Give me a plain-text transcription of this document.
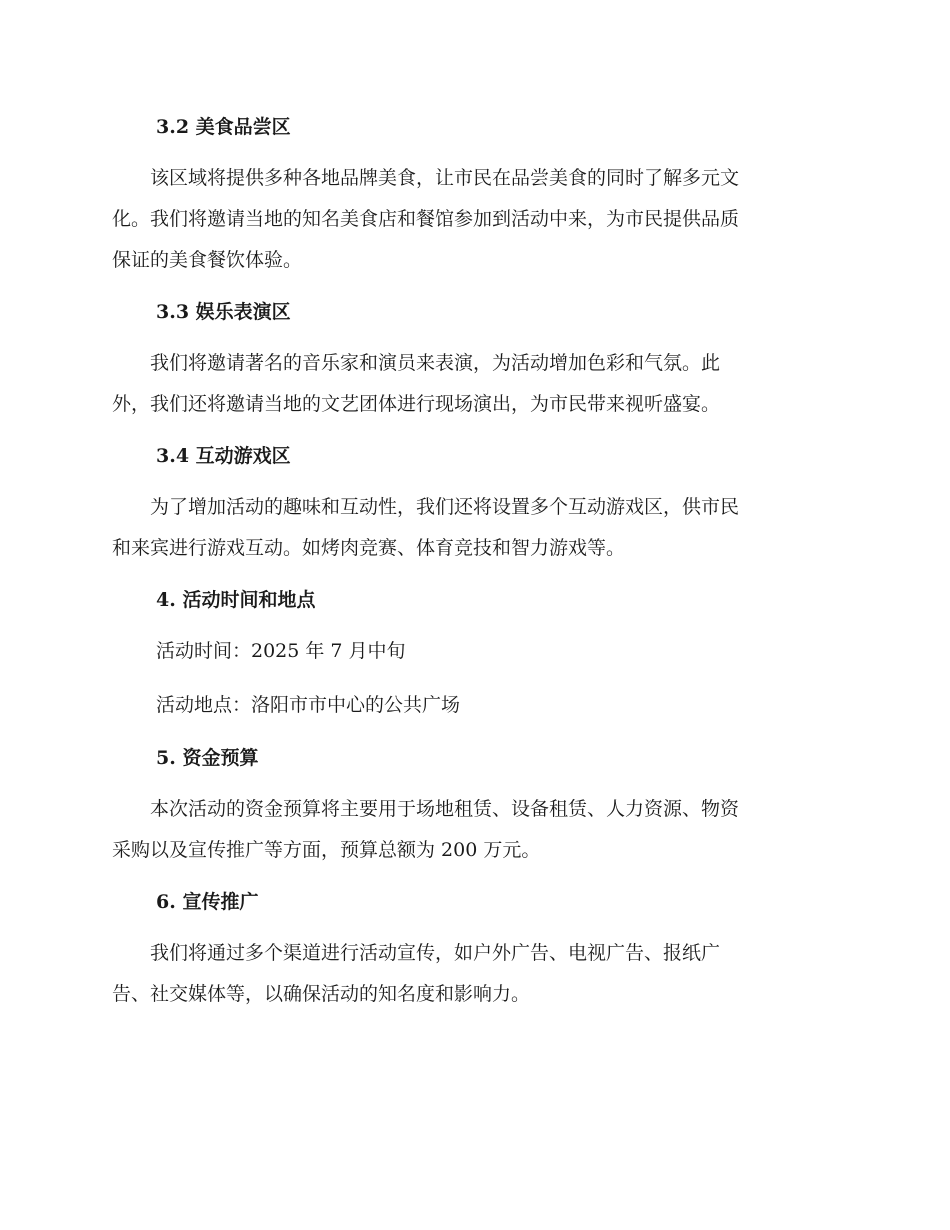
3.2 美食品尝区
该区域将提供多种各地品牌美食，让市民在品尝美食的同时了解多元文
化。我们将邀请当地的知名美食店和餐馆参加到活动中来，为市民提供品质
保证的美食餐饮体验。
3.3 娱乐表演区
我们将邀请著名的音乐家和演员来表演，为活动增加色彩和气氛。此
外，我们还将邀请当地的文艺团体进行现场演出，为市民带来视听盛宴。
3.4 互动游戏区
为了增加活动的趣味和互动性，我们还将设置多个互动游戏区，供市民
和来宾进行游戏互动。如烤肉竞赛、体育竞技和智力游戏等。
4. 活动时间和地点
活动时间：2025 年 7 月中旬
活动地点：洛阳市市中心的公共广场
5. 资金预算
本次活动的资金预算将主要用于场地租赁、设备租赁、人力资源、物资
采购以及宣传推广等方面，预算总额为 200 万元。
6. 宣传推广
我们将通过多个渠道进行活动宣传，如户外广告、电视广告、报纸广
告、社交媒体等，以确保活动的知名度和影响力。
